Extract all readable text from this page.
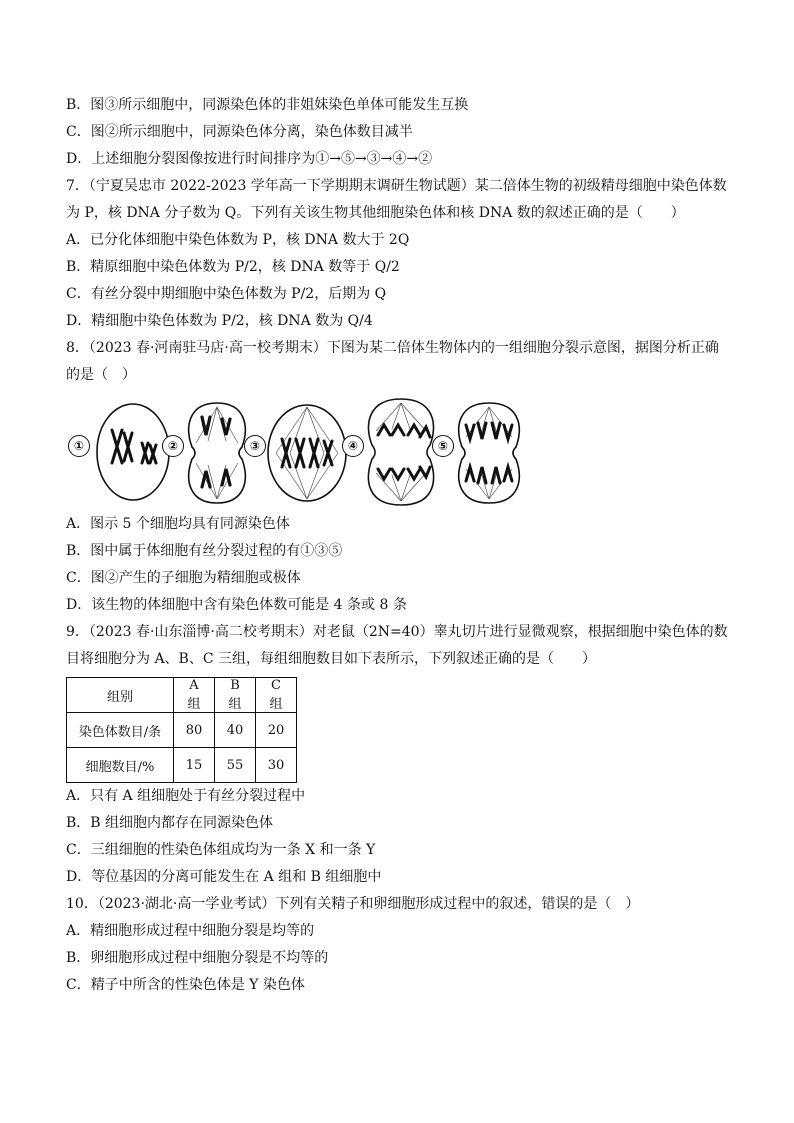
B．图③所示细胞中，同源染色体的非姐妹染色单体可能发生互换
C．图②所示细胞中，同源染色体分离，染色体数目减半
D．上述细胞分裂图像按进行时间排序为①→⑤→③→④→②
7．（宁夏吴忠市 2022-2023 学年高一下学期期末调研生物试题）某二倍体生物的初级精母细胞中染色体数
为 P，核 DNA 分子数为 Q。下列有关该生物其他细胞染色体和核 DNA 数的叙述正确的是（　　）
A．已分化体细胞中染色体数为 P，核 DNA 数大于 2Q
B．精原细胞中染色体数为 P/2，核 DNA 数等于 Q/2
C．有丝分裂中期细胞中染色体数为 P/2，后期为 Q
D．精细胞中染色体数为 P/2，核 DNA 数为 Q/4
8．（2023 春·河南驻马店·高一校考期末）下图为某二倍体生物体内的一组细胞分裂示意图，据图分析正确
的是（　）
①	②	③	④	⑤
A．图示 5 个细胞均具有同源染色体
B．图中属于体细胞有丝分裂过程的有①③⑤
C．图②产生的子细胞为精细胞或极体
D．该生物的体细胞中含有染色体数可能是 4 条或 8 条
9．（2023 春·山东淄博·高二校考期末）对老鼠（2N=40）睾丸切片进行显微观察，根据细胞中染色体的数
目将细胞分为 A、B、C 三组，每组细胞数目如下表所示，下列叙述正确的是（　　）
组别	A 组	B 组	C 组
染色体数目/条	80	40	20
细胞数目/%	15	55	30
A．只有 A 组细胞处于有丝分裂过程中
B．B 组细胞内都存在同源染色体
C．三组细胞的性染色体组成均为一条 X 和一条 Y
D．等位基因的分离可能发生在 A 组和 B 组细胞中
10．（2023·湖北·高一学业考试）下列有关精子和卵细胞形成过程中的叙述，错误的是（　）
A．精细胞形成过程中细胞分裂是均等的
B．卵细胞形成过程中细胞分裂是不均等的
C．精子中所含的性染色体是 Y 染色体
